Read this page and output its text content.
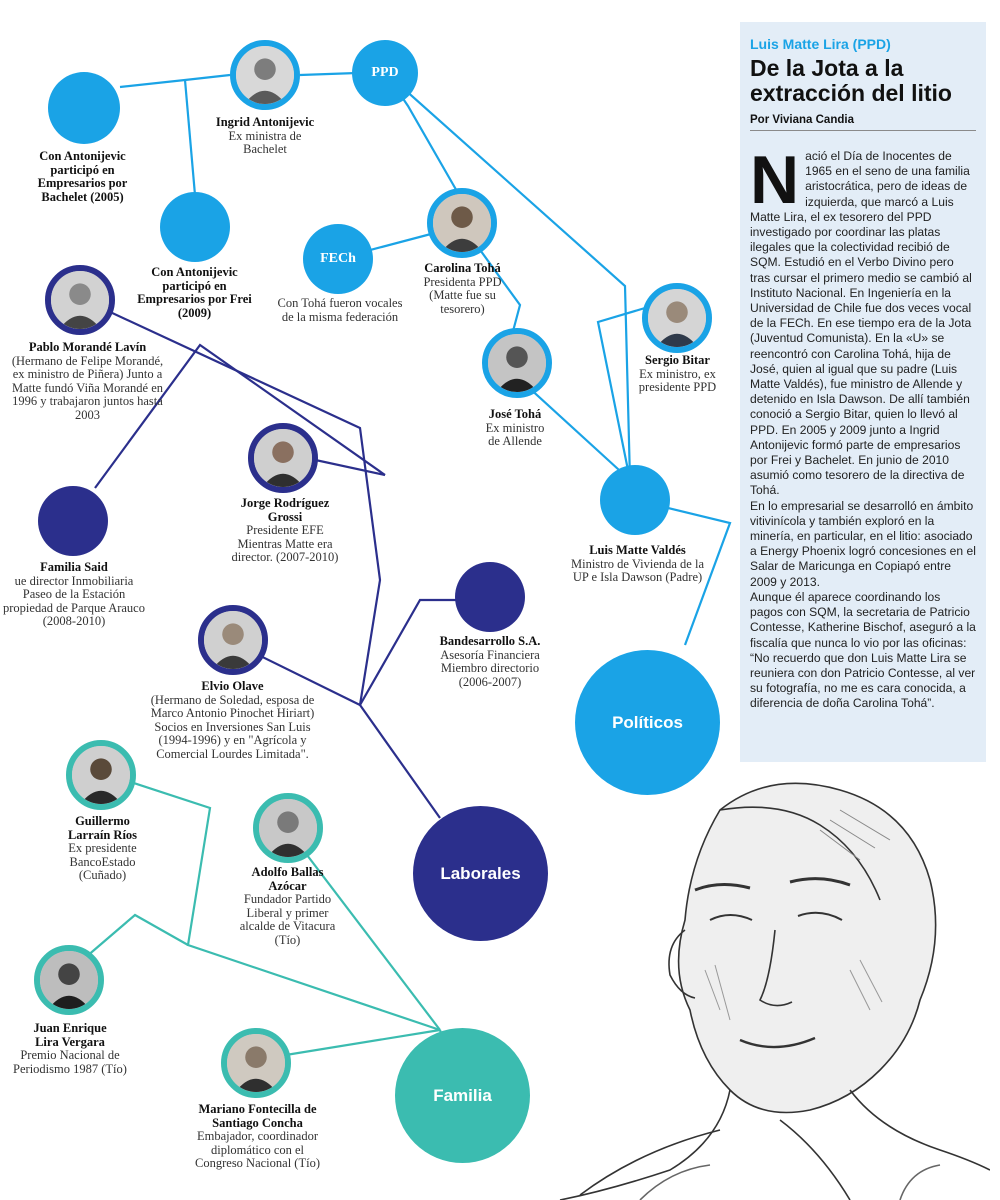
Políticos
Laborales
Familia
PPD
FECh
Ingrid Antonijevic
Ex ministra de Bachelet
Con Antonijevic participó en Empresarios por Bachelet (2005)
Con Antonijevic participó en Empresarios por Frei (2009)
Con Tohá fueron vocales de la misma federación
Carolina Tohá
Presidenta PPD (Matte fue su tesorero)
Sergio Bitar
Ex ministro, ex presidente PPD
José Tohá
Ex ministro de Allende
Luis Matte Valdés
Ministro de Vivienda de la UP e Isla Dawson (Padre)
Pablo Morandé Lavín
(Hermano de Felipe Morandé, ex ministro de Piñera) Junto a Matte fundó Viña Morandé en 1996 y trabajaron juntos hasta 2003
Jorge Rodríguez Grossi
Presidente EFE Mientras Matte era director. (2007-2010)
Familia Said
ue director Inmobiliaria Paseo de la Estación propiedad de Parque Arauco (2008-2010)
Bandesarrollo S.A.
Asesoría Financiera Miembro directorio (2006-2007)
Elvio Olave
(Hermano de Soledad, esposa de Marco Antonio Pinochet Hiriart) Socios en Inversiones San Luis (1994-1996) y en "Agrícola y Comercial Lourdes Limitada".
Guillermo Larraín Ríos
Ex presidente BancoEstado (Cuñado)	Adolfo Ballas Azócar
Fundador Partido Liberal y primer alcalde de Vitacura (Tío)
Juan Enrique Lira Vergara
Premio Nacional de Periodismo 1987 (Tío)
Mariano Fontecilla de Santiago Concha
Embajador, coordinador diplomático con el Congreso Nacional (Tío)
Luis Matte Lira (PPD)
De la Jota a la extracción del litio
Por Viviana Candia
N ació el Día de Inocentes de 1965 en el seno de una familia aristocrática, pero de ideas de izquierda, que marcó a Luis Matte Lira, el ex tesorero del PPD investigado por coordinar las platas ilegales que la colectividad recibió de SQM. Estudió en el Verbo Divino pero tras cursar el primero medio se cambió al Instituto Nacional. En Ingeniería en la Universidad de Chile fue dos veces vocal de la FECh. En ese tiempo era de la Jota (Juventud Comunista). En la «U» se reencontró con Carolina Tohá, hija de José, quien al igual que su padre (Luis Matte Valdés), fue ministro de Allende y detenido en Isla Dawson. De allí también conoció a Sergio Bitar, quien lo llevó al PPD. En 2005 y 2009 junto a Ingrid Antonijevic formó parte de empresarios por Frei y Bachelet. En junio de 2010 asumió como tesorero de la directiva de Tohá.

En lo empresarial se desarrolló en ámbito vitivinícola y también exploró en la minería, en particular, en el litio: asociado a Energy Phoenix logró concesiones en el Salar de Maricunga en Copiapó entre 2009 y 2013.

Aunque él aparece coordinando los pagos con SQM, la secretaria de Patricio Contesse, Katherine Bischof, aseguró a la fiscalía que nunca lo vio por las oficinas: “No recuerdo que don Luis Matte Lira se reuniera con don Patricio Contesse, al ver su fotografía, no me es cara conocida, a diferencia de doña Carolina Tohá”.
